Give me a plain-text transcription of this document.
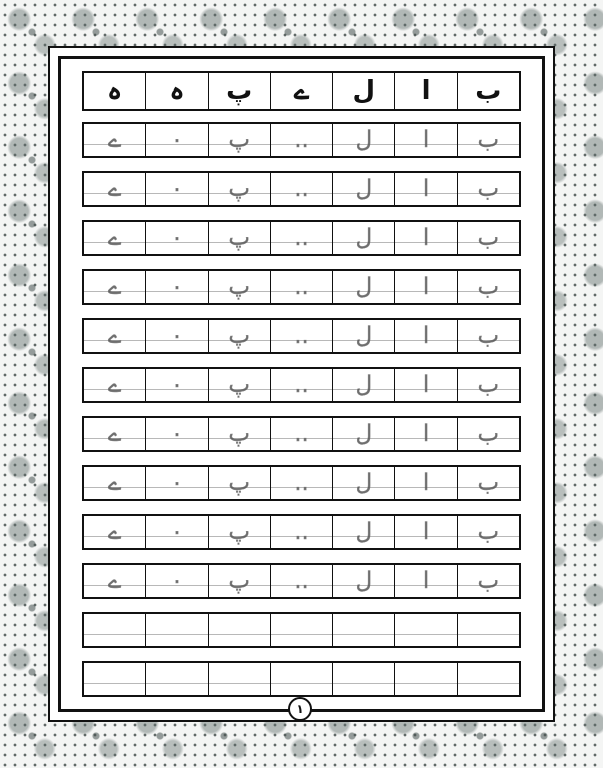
ب
ا
ل
ے
پ
ہ
ہ
ب
ا
ل
..
پ
٠
ے
ب
ا
ل
..
پ
٠
ے
ب
ا
ل
..
پ
٠
ے
ب
ا
ل
..
پ
٠
ے
ب
ا
ل
..
پ
٠
ے
ب
ا
ل
..
پ
٠
ے
ب
ا
ل
..
پ
٠
ے
ب
ا
ل
..
پ
٠
ے
ب
ا
ل
..
پ
٠
ے
ب
ا
ل
..
پ
٠
ے
١
